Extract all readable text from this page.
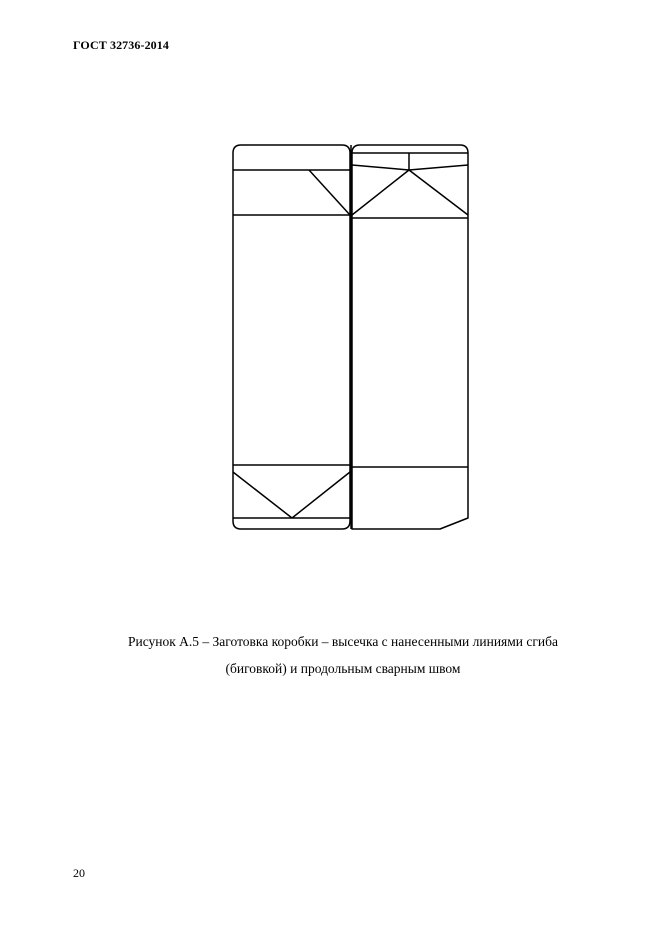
ГОСТ 32736-2014
Рисунок А.5 – Заготовка коробки – высечка с нанесенными линиями сгиба
(биговкой) и продольным сварным швом
20
